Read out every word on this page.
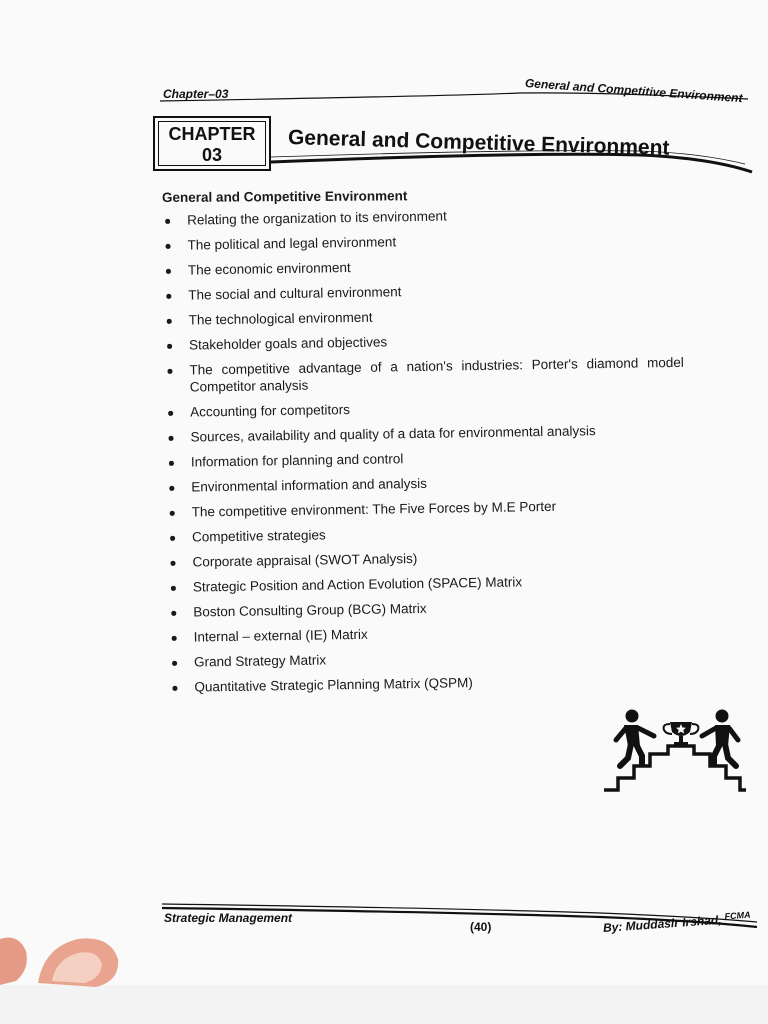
Chapter–03	General and Competitive Environment
CHAPTER
03	General and Competitive Environment
General and Competitive Environment
Relating the organization to its environment
The political and legal environment
The economic environment
The social and cultural environment
The technological environment
Stakeholder goals and objectives
The competitive advantage of a nation's industries: Porter's diamond model
Competitor analysis
Accounting for competitors
Sources, availability and quality of a data for environmental analysis
Information for planning and control
Environmental information and analysis
The competitive environment: The Five Forces by M.E Porter
Competitive strategies
Corporate appraisal (SWOT Analysis)
Strategic Position and Action Evolution (SPACE) Matrix
Boston Consulting Group (BCG) Matrix
Internal – external (IE) Matrix
Grand Strategy Matrix
Quantitative Strategic Planning Matrix (QSPM)
Strategic Management
(40)	By: Muddasir Irshad, $^{FCMA}$
